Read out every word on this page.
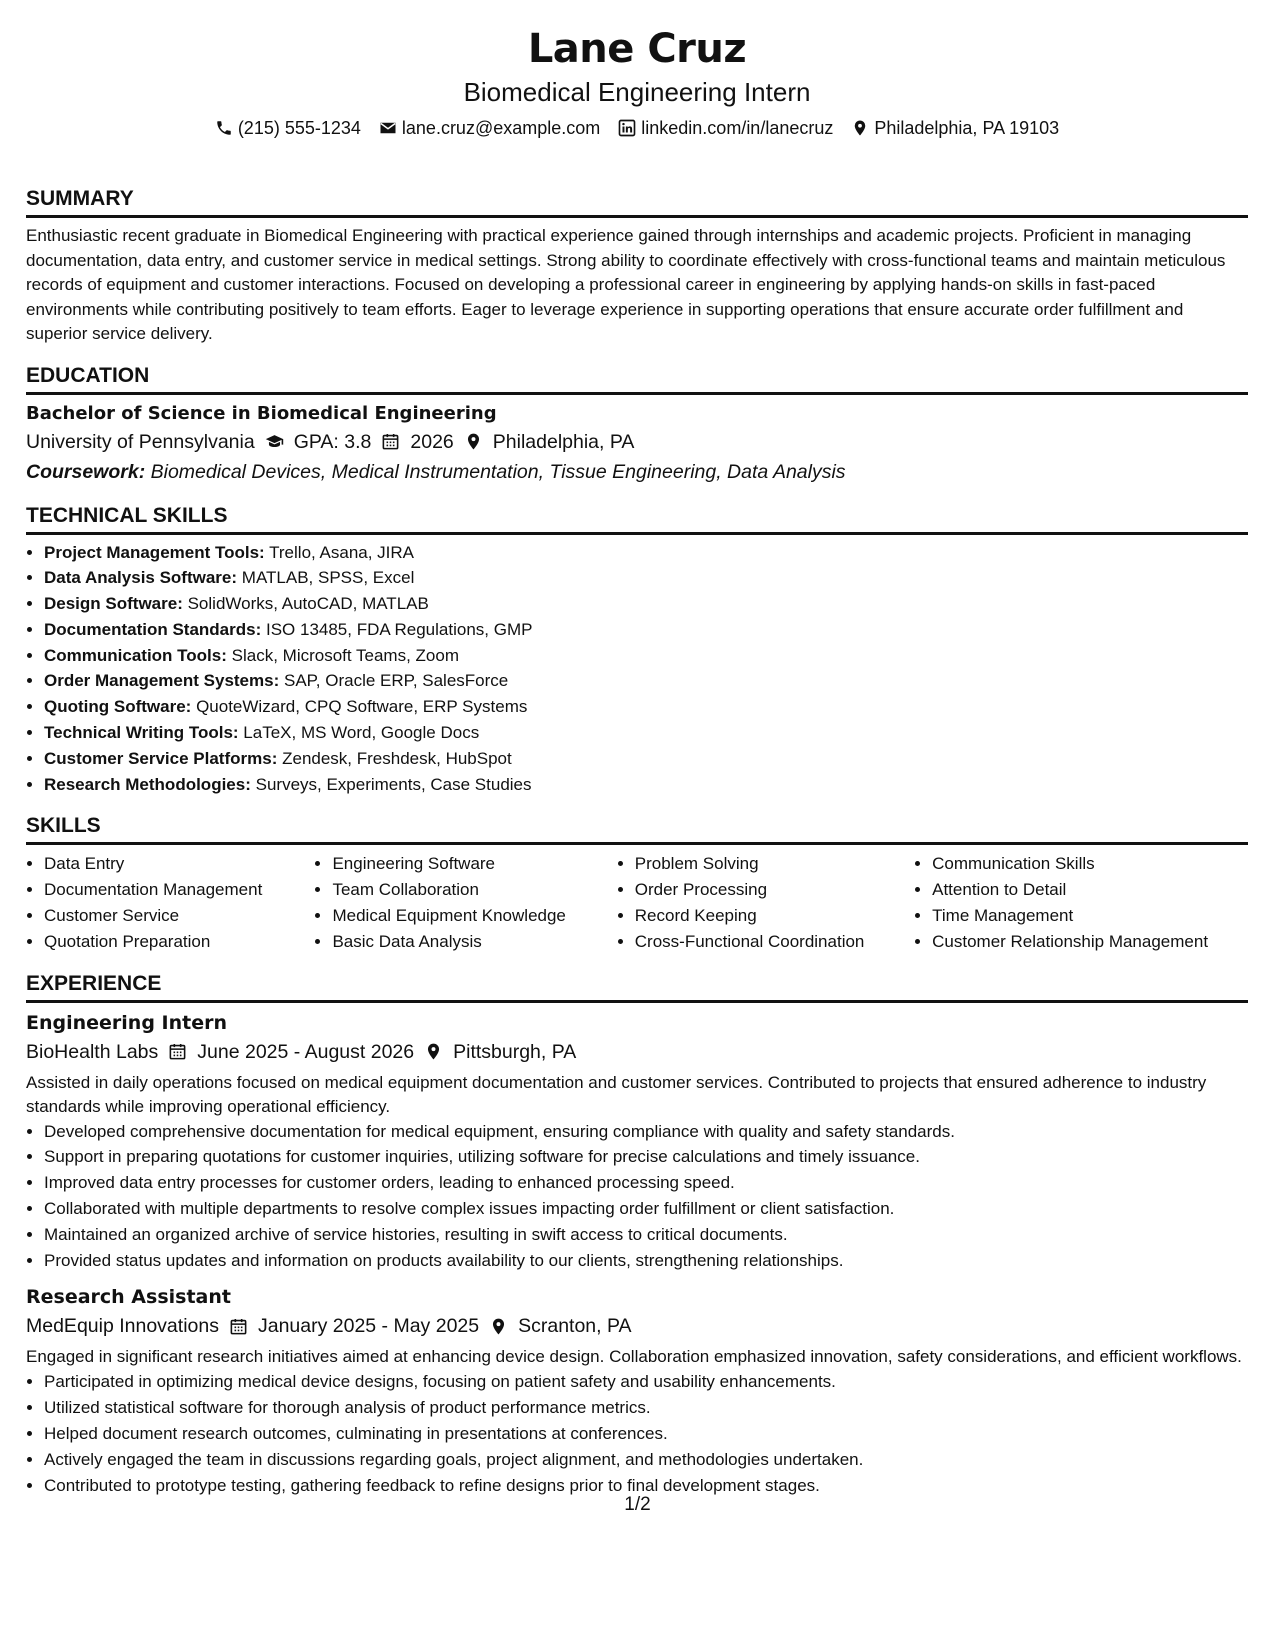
Lane Cruz
Biomedical Engineering Intern
(215) 555-1234 lane.cruz@example.com linkedin.com/in/lanecruz Philadelphia, PA 19103
SUMMARY

Enthusiastic recent graduate in Biomedical Engineering with practical experience gained through internships and academic projects. Proficient in managing documentation, data entry, and customer service in medical settings. Strong ability to coordinate effectively with cross-functional teams and maintain meticulous records of equipment and customer interactions. Focused on developing a professional career in engineering by applying hands-on skills in fast-paced environments while contributing positively to team efforts. Eager to leverage experience in supporting operations that ensure accurate order fulfillment and superior service delivery.

EDUCATION
Bachelor of Science in Biomedical Engineering
University of Pennsylvania GPA: 3.8 2026 Philadelphia, PA
Coursework: Biomedical Devices, Medical Instrumentation, Tissue Engineering, Data Analysis
TECHNICAL SKILLS
• Project Management Tools: Trello, Asana, JIRA
• Data Analysis Software: MATLAB, SPSS, Excel
• Design Software: SolidWorks, AutoCAD, MATLAB
• Documentation Standards: ISO 13485, FDA Regulations, GMP
• Communication Tools: Slack, Microsoft Teams, Zoom
• Order Management Systems: SAP, Oracle ERP, SalesForce
• Quoting Software: QuoteWizard, CPQ Software, ERP Systems
• Technical Writing Tools: LaTeX, MS Word, Google Docs
• Customer Service Platforms: Zendesk, Freshdesk, HubSpot
• Research Methodologies: Surveys, Experiments, Case Studies
SKILLS
• Data Entry
• Documentation Management
• Customer Service
• Quotation Preparation
• Engineering Software
• Team Collaboration
• Medical Equipment Knowledge
• Basic Data Analysis
• Problem Solving
• Order Processing
• Record Keeping
• Cross-Functional Coordination
• Communication Skills
• Attention to Detail
• Time Management
• Customer Relationship Management
EXPERIENCE
Engineering Intern
BioHealth Labs June 2025 - August 2026 Pittsburgh, PA

Assisted in daily operations focused on medical equipment documentation and customer services. Contributed to projects that ensured adherence to industry standards while improving operational efficiency.

• Developed comprehensive documentation for medical equipment, ensuring compliance with quality and safety standards.
• Support in preparing quotations for customer inquiries, utilizing software for precise calculations and timely issuance.
• Improved data entry processes for customer orders, leading to enhanced processing speed.
• Collaborated with multiple departments to resolve complex issues impacting order fulfillment or client satisfaction.
• Maintained an organized archive of service histories, resulting in swift access to critical documents.
• Provided status updates and information on products availability to our clients, strengthening relationships.
Research Assistant
MedEquip Innovations January 2025 - May 2025 Scranton, PA

Engaged in significant research initiatives aimed at enhancing device design. Collaboration emphasized innovation, safety considerations, and efficient workflows.

• Participated in optimizing medical device designs, focusing on patient safety and usability enhancements.
• Utilized statistical software for thorough analysis of product performance metrics.
• Helped document research outcomes, culminating in presentations at conferences.
• Actively engaged the team in discussions regarding goals, project alignment, and methodologies undertaken.
• Contributed to prototype testing, gathering feedback to refine designs prior to final development stages.
1/2
